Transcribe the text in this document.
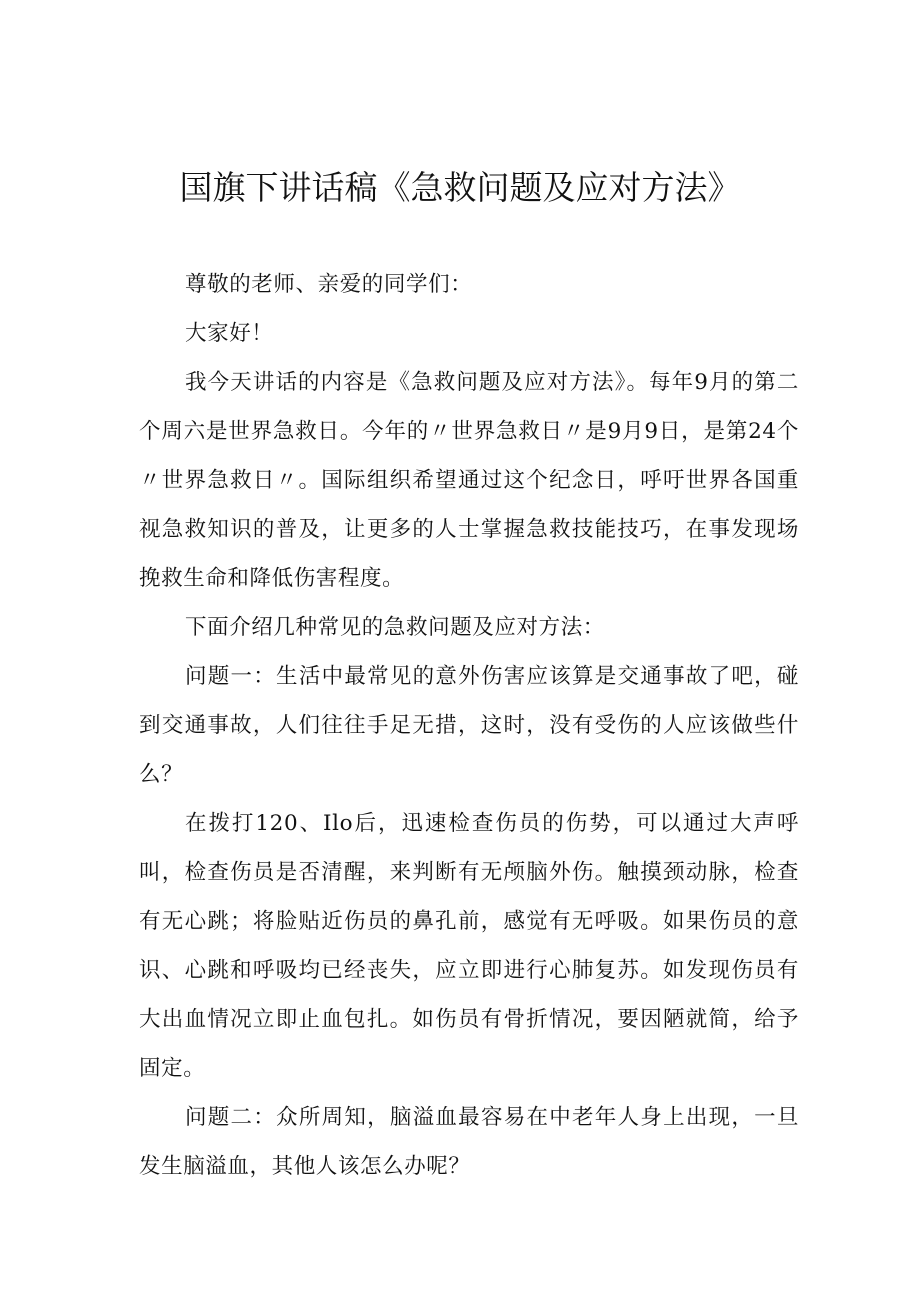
国旗下讲话稿《急救问题及应对方法》

尊敬的老师、亲爱的同学们：

大家好！

我今天讲话的内容是《急救问题及应对方法》。每年9月的第二个周六是世界急救日。今年的〃世界急救日〃是9月9日，是第24个〃世界急救日〃。国际组织希望通过这个纪念日，呼吁世界各国重视急救知识的普及，让更多的人士掌握急救技能技巧，在事发现场挽救生命和降低伤害程度。

下面介绍几种常见的急救问题及应对方法：

问题一：生活中最常见的意外伤害应该算是交通事故了吧，碰到交通事故，人们往往手足无措，这时，没有受伤的人应该做些什么？

在拨打120、Ilo后，迅速检查伤员的伤势，可以通过大声呼叫，检查伤员是否清醒，来判断有无颅脑外伤。触摸颈动脉，检查有无心跳；将脸贴近伤员的鼻孔前，感觉有无呼吸。如果伤员的意识、心跳和呼吸均已经丧失，应立即进行心肺复苏。如发现伤员有大出血情况立即止血包扎。如伤员有骨折情况，要因陋就简，给予固定。

问题二：众所周知，脑溢血最容易在中老年人身上出现，一旦发生脑溢血，其他人该怎么办呢？
